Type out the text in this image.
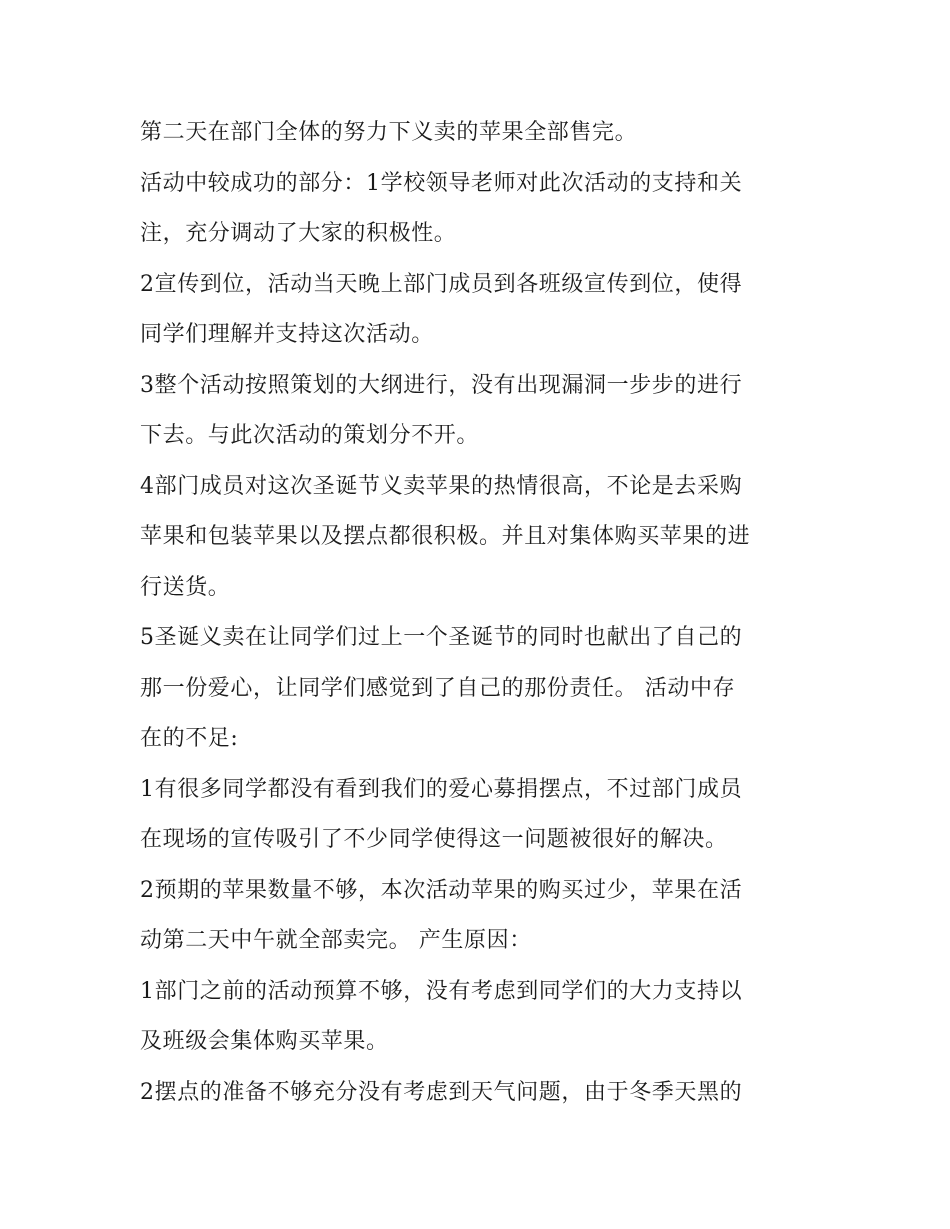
第二天在部门全体的努力下义卖的苹果全部售完。
活动中较成功的部分：1学校领导老师对此次活动的支持和关
注，充分调动了大家的积极性。
2宣传到位，活动当天晚上部门成员到各班级宣传到位，使得
同学们理解并支持这次活动。
3整个活动按照策划的大纲进行，没有出现漏洞一步步的进行
下去。与此次活动的策划分不开。
4部门成员对这次圣诞节义卖苹果的热情很高，不论是去采购
苹果和包装苹果以及摆点都很积极。并且对集体购买苹果的进
行送货。
5圣诞义卖在让同学们过上一个圣诞节的同时也献出了自己的
那一份爱心，让同学们感觉到了自己的那份责任。 活动中存
在的不足:
1有很多同学都没有看到我们的爱心募捐摆点，不过部门成员
在现场的宣传吸引了不少同学使得这一问题被很好的解决。
2预期的苹果数量不够，本次活动苹果的购买过少，苹果在活
动第二天中午就全部卖完。 产生原因：
1部门之前的活动预算不够，没有考虑到同学们的大力支持以
及班级会集体购买苹果。
2摆点的准备不够充分没有考虑到天气问题，由于冬季天黑的
